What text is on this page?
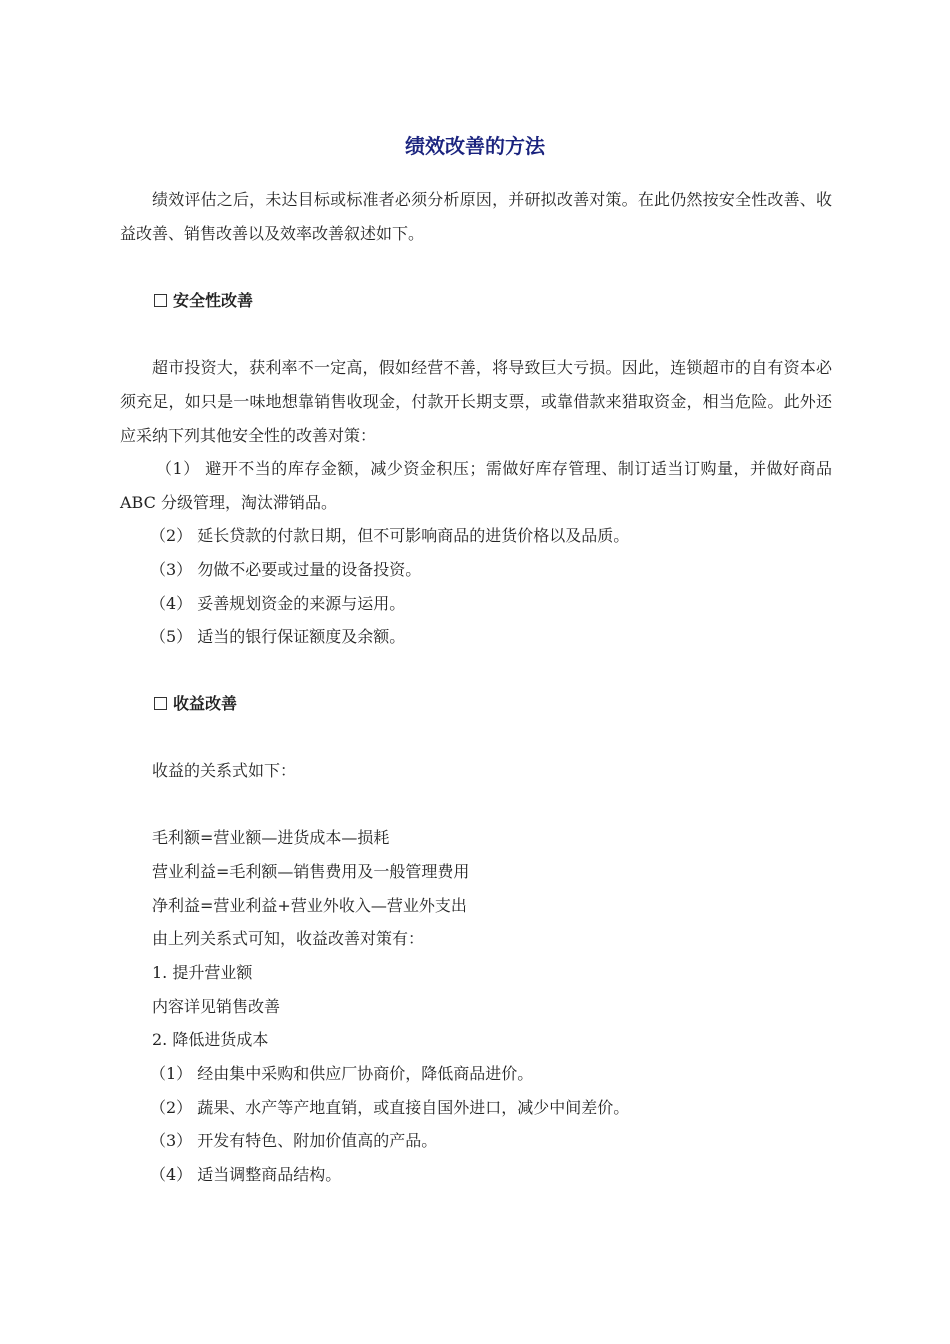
绩效改善的方法

绩效评估之后，未达目标或标准者必须分析原因，并研拟改善对策。在此仍然按安全性改善、收益改善、销售改善以及效率改善叙述如下。

安全性改善

超市投资大，获利率不一定高，假如经营不善，将导致巨大亏损。因此，连锁超市的自有资本必须充足，如只是一味地想靠销售收现金，付款开长期支票，或靠借款来猎取资金，相当危险。此外还应采纳下列其他安全性的改善对策：

（1） 避开不当的库存金额，减少资金积压；需做好库存管理、制订适当订购量，并做好商品 ABC 分级管理，淘汰滞销品。

（2） 延长贷款的付款日期，但不可影响商品的进货价格以及品质。
（3） 勿做不必要或过量的设备投资。
（4） 妥善规划资金的来源与运用。
（5） 适当的银行保证额度及余额。
收益改善
收益的关系式如下：
毛利额=营业额—进货成本—损耗
营业利益=毛利额—销售费用及一般管理费用
净利益=营业利益+营业外收入—营业外支出
由上列关系式可知，收益改善对策有：
1. 提升营业额
内容详见销售改善
2. 降低进货成本
（1） 经由集中采购和供应厂协商价，降低商品进价。
（2） 蔬果、水产等产地直销，或直接自国外进口，减少中间差价。
（3） 开发有特色、附加价值高的产品。
（4） 适当调整商品结构。
